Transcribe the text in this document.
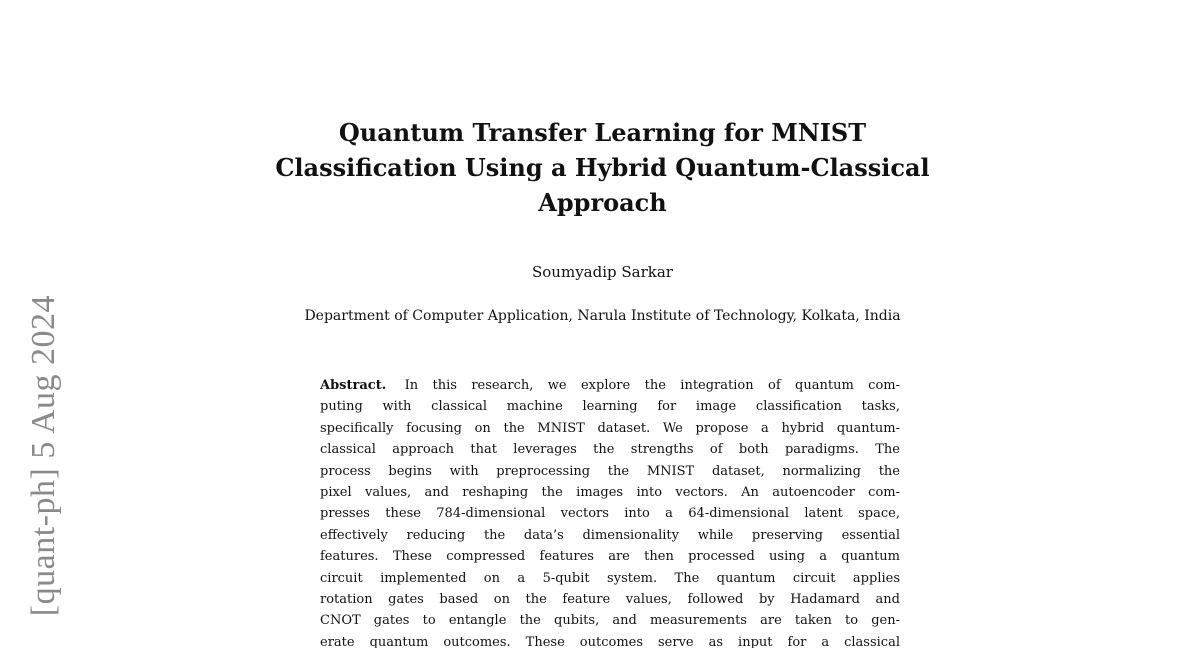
[quant-ph] 5 Aug 2024
Quantum Transfer Learning for MNIST
Classification Using a Hybrid Quantum-Classical
Approach

Soumyadip Sarkar

Department of Computer Application, Narula Institute of Technology, Kolkata, India

Abstract. In this research, we explore the integration of quantum com-
puting with classical machine learning for image classification tasks,
specifically focusing on the MNIST dataset. We propose a hybrid quantum-
classical approach that leverages the strengths of both paradigms. The
process begins with preprocessing the MNIST dataset, normalizing the
pixel values, and reshaping the images into vectors. An autoencoder com-
presses these 784-dimensional vectors into a 64-dimensional latent space,
effectively reducing the data’s dimensionality while preserving essential
features. These compressed features are then processed using a quantum
circuit implemented on a 5-qubit system. The quantum circuit applies
rotation gates based on the feature values, followed by Hadamard and
CNOT gates to entangle the qubits, and measurements are taken to gen-
erate quantum outcomes. These outcomes serve as input for a classical
